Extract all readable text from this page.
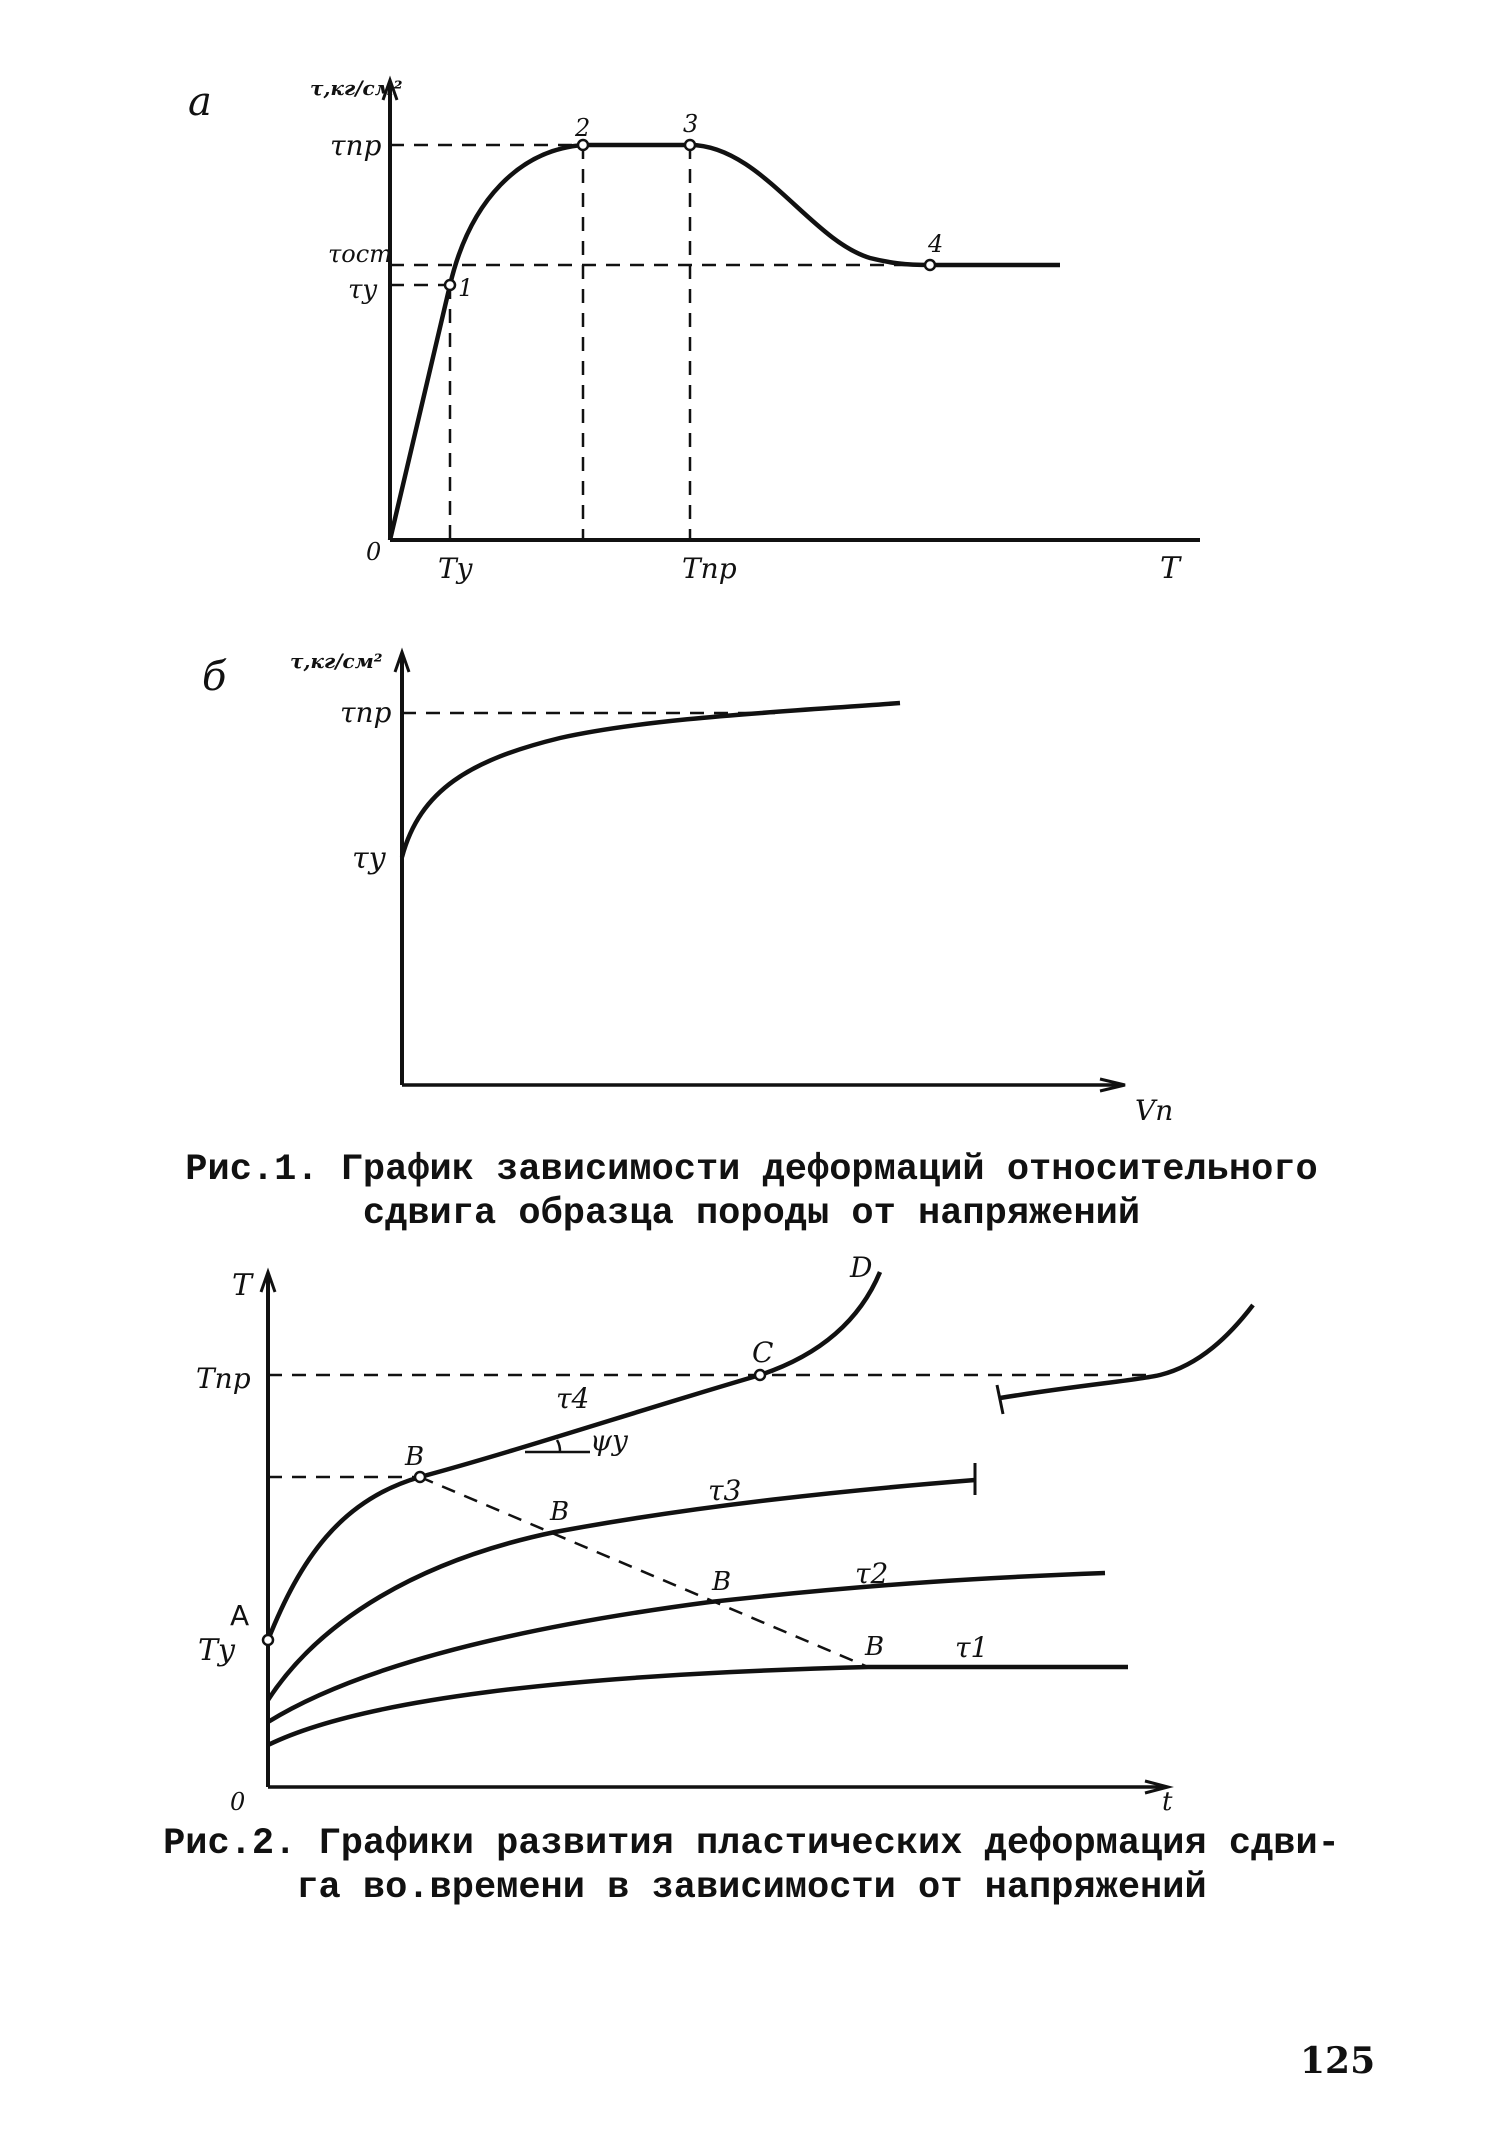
a	τ,кг/см²
τпр
τост
τу
0 Tу	Tпр	T
1
2	3
4
б	τ,кг/см²
τпр
τу
Vп
T
Tпр
Tу
A
0	t
D
C
B
B
B
B
τ4
τ3
τ2
τ1
ψу
Рис.1. График зависимости деформаций относительного
сдвига образца породы от напряжений
Рис.2. Графики развития пластических деформация сдви-
га во.времени в зависимости от напряжений
125
